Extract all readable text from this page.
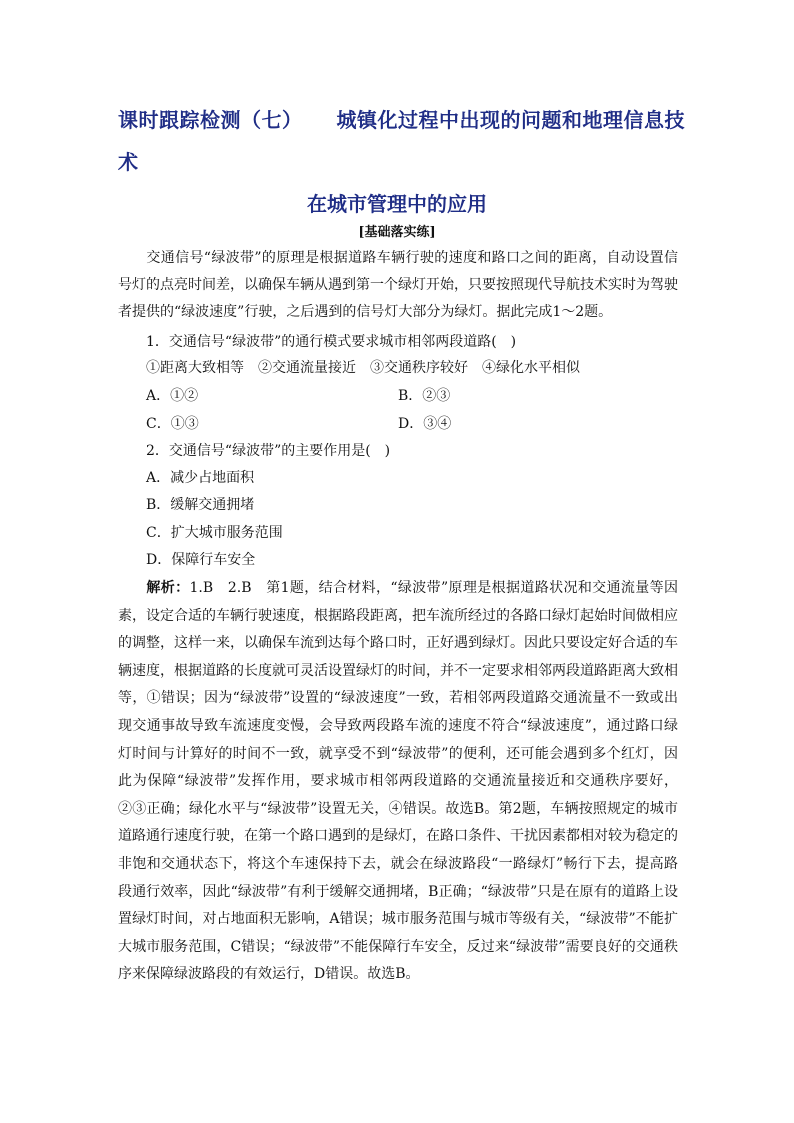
课时跟踪检测（七） 城镇化过程中出现的问题和地理信息技
术
在城市管理中的应用
[基础落实练]
交通信号“绿波带”的原理是根据道路车辆行驶的速度和路口之间的距离，自动设置信号灯的点亮时间差，以确保车辆从遇到第一个绿灯开始，只要按照现代导航技术实时为驾驶者提供的“绿波速度”行驶，之后遇到的信号灯大部分为绿灯。据此完成1～2题。
1．交通信号“绿波带”的通行模式要求城市相邻两段道路(　)
①距离大致相等　②交通流量接近　③交通秩序较好　④绿化水平相似
A．①②	B．②③
C．①③	D．③④
2．交通信号“绿波带”的主要作用是(　)
A．减少占地面积
B．缓解交通拥堵
C．扩大城市服务范围
D．保障行车安全
解析：1.B　2.B　第1题，结合材料，“绿波带”原理是根据道路状况和交通流量等因素，设定合适的车辆行驶速度，根据路段距离，把车流所经过的各路口绿灯起始时间做相应的调整，这样一来，以确保车流到达每个路口时，正好遇到绿灯。因此只要设定好合适的车辆速度，根据道路的长度就可灵活设置绿灯的时间，并不一定要求相邻两段道路距离大致相等，①错误；因为“绿波带”设置的“绿波速度”一致，若相邻两段道路交通流量不一致或出现交通事故导致车流速度变慢，会导致两段路车流的速度不符合“绿波速度”，通过路口绿灯时间与计算好的时间不一致，就享受不到“绿波带”的便利，还可能会遇到多个红灯，因此为保障“绿波带”发挥作用，要求城市相邻两段道路的交通流量接近和交通秩序要好，②③正确；绿化水平与“绿波带”设置无关，④错误。故选B。第2题，车辆按照规定的城市道路通行速度行驶，在第一个路口遇到的是绿灯，在路口条件、干扰因素都相对较为稳定的非饱和交通状态下，将这个车速保持下去，就会在绿波路段“一路绿灯”畅行下去，提高路段通行效率，因此“绿波带”有利于缓解交通拥堵，B正确；“绿波带”只是在原有的道路上设置绿灯时间，对占地面积无影响，A错误；城市服务范围与城市等级有关，“绿波带”不能扩大城市服务范围，C错误；“绿波带”不能保障行车安全，反过来“绿波带”需要良好的交通秩序来保障绿波路段的有效运行，D错误。故选B。
